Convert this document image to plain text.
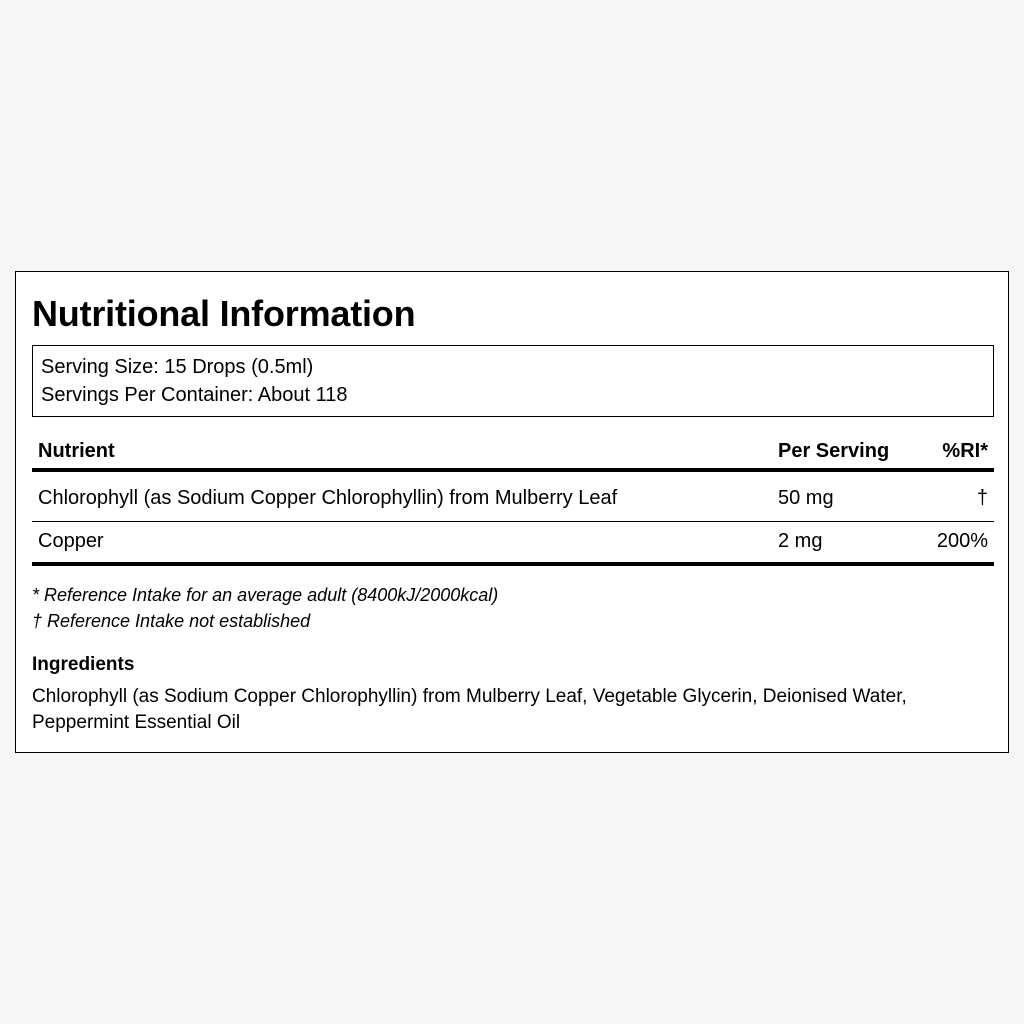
Nutritional Information
Serving Size: 15 Drops (0.5ml)
Servings Per Container: About 118
Nutrient	Per Serving	%RI*
Chlorophyll (as Sodium Copper Chlorophyllin) from Mulberry Leaf	50 mg	†
Copper	2 mg	200%
* Reference Intake for an average adult (8400kJ/2000kcal)
† Reference Intake not established
Ingredients
Chlorophyll (as Sodium Copper Chlorophyllin) from Mulberry Leaf, Vegetable Glycerin, Deionised Water, Peppermint Essential Oil
